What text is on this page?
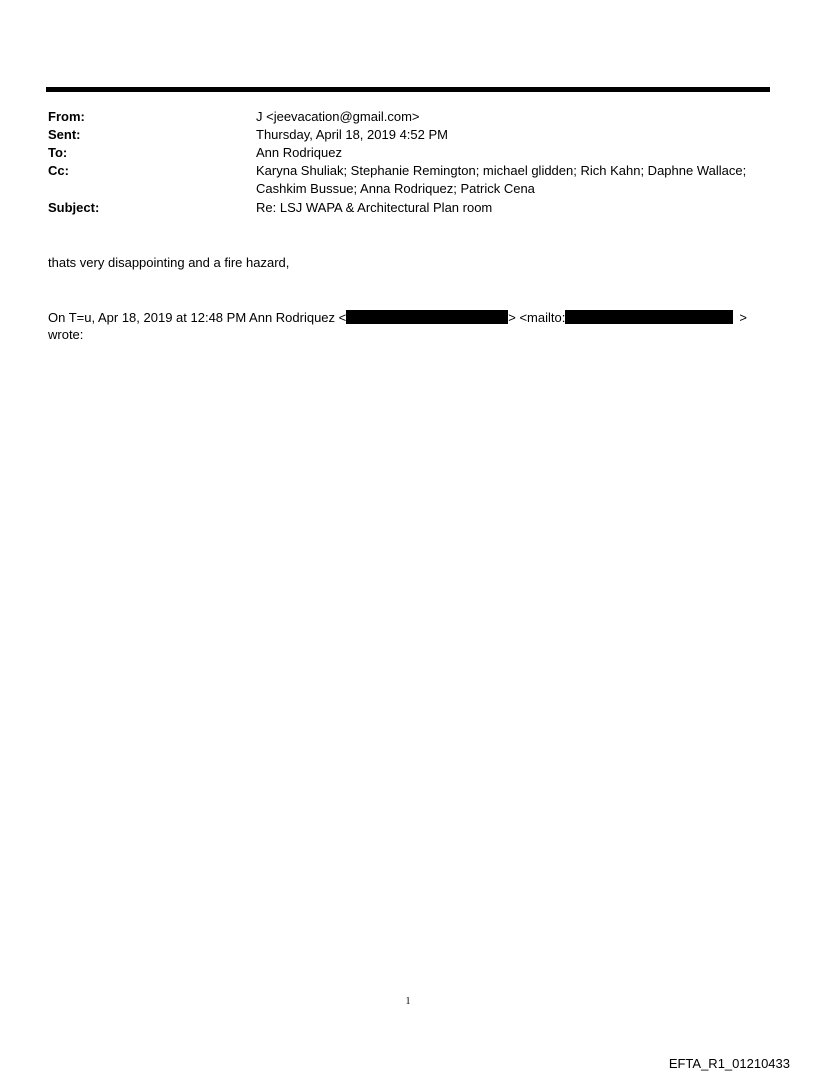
From:	J <jeevacation@gmail.com>
Sent:	Thursday, April 18, 2019 4:52 PM
To:	Ann Rodriquez
Cc:	Karyna Shuliak; Stephanie Remington; michael glidden; Rich Kahn; Daphne Wallace;
Cashkim Bussue; Anna Rodriquez; Patrick Cena
Subject:	Re: LSJ WAPA & Architectural Plan room
thats very disappointing and a fire hazard,
On T=u, Apr 18, 2019 at 12:48 PM Ann Rodriquez <	> <mailto:	>
wrote:
1
EFTA_R1_01210433
